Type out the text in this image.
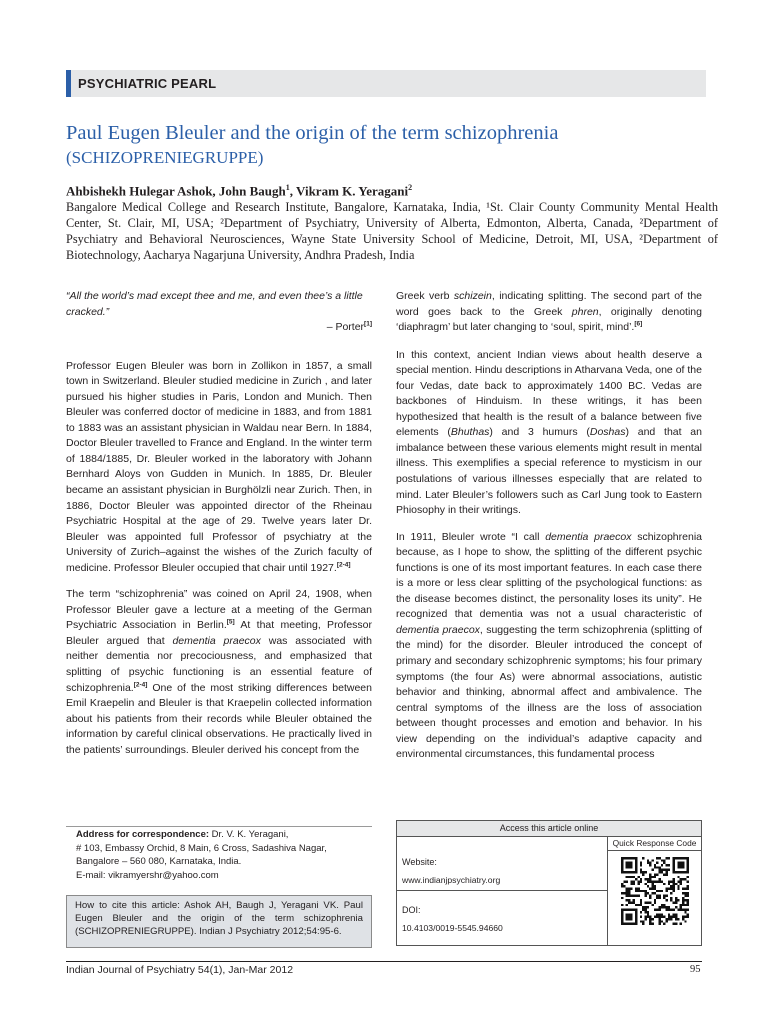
PSYCHIATRIC PEARL
Paul Eugen Bleuler and the origin of the term schizophrenia
(SCHIZOPRENIEGRUPPE)
Ahbishekh Hulegar Ashok, John Baugh$^1$, Vikram K. Yeragani$^2$
Bangalore Medical College and Research Institute, Bangalore, Karnataka, India, ¹St. Clair County Community Mental Health Center, St. Clair, MI, USA; ²Department of Psychiatry, University of Alberta, Edmonton, Alberta, Canada, ²Department of Psychiatry and Behavioral Neurosciences, Wayne State University School of Medicine, Detroit, MI, USA, ²Department of Biotechnology, Aacharya Nagarjuna University, Andhra Pradesh, India

“All the world’s mad except thee and me, and even thee’s a little cracked.”

– Porter[1]

Professor Eugen Bleuler was born in Zollikon in 1857, a small town in Switzerland. Bleuler studied medicine in Zurich , and later pursued his higher studies in Paris, London and Munich. Then Bleuler was conferred doctor of medicine in 1883, and from 1881 to 1883 was an assistant physician in Waldau near Bern. In 1884, Doctor Bleuler travelled to France and England. In the winter term of 1884/1885, Dr. Bleuler worked in the laboratory with Johann Bernhard Aloys von Gudden in Munich. In 1885, Dr. Bleuler became an assistant physician in Burghölzli near Zurich. Then, in 1886, Doctor Bleuler was appointed director of the Rheinau Psychiatric Hospital at the age of 29. Twelve years later Dr. Bleuler was appointed full Professor of psychiatry at the University of Zurich–against the wishes of the Zurich faculty of medicine. Professor Bleuler occupied that chair until 1927.[2-4]

The term “schizophrenia” was coined on April 24, 1908, when Professor Bleuler gave a lecture at a meeting of the German Psychiatric Association in Berlin.[5] At that meeting, Professor Bleuler argued that dementia praecox was associated with neither dementia nor precociousness, and emphasized that splitting of psychic functioning is an essential feature of schizophrenia.[2-4] One of the most striking differences between Emil Kraepelin and Bleuler is that Kraepelin collected information about his patients from their records while Bleuler obtained the information by careful clinical observations. He practically lived in the patients’ surroundings. Bleuler derived his concept from the

Greek verb schizein, indicating splitting. The second part of the word goes back to the Greek phren, originally denoting ‘diaphragm’ but later changing to ‘soul, spirit, mind’.[6]

In this context, ancient Indian views about health deserve a special mention. Hindu descriptions in Atharvana Veda, one of the four Vedas, date back to approximately 1400 BC. Vedas are backbones of Hinduism. In these writings, it has been hypothesized that health is the result of a balance between five elements (Bhuthas) and 3 humurs (Doshas) and that an imbalance between these various elements might result in mental illness. This exemplifies a special reference to mysticism in our postulations of various illnesses especially that are related to mind. Later Bleuler’s followers such as Carl Jung took to Eastern Phiosophy in their writings.

In 1911, Bleuler wrote “I call dementia praecox schizophrenia because, as I hope to show, the splitting of the different psychic functions is one of its most important features. In each case there is a more or less clear splitting of the psychological functions: as the disease becomes distinct, the personality loses its unity”. He recognized that dementia was not a usual characteristic of dementia praecox, suggesting the term schizophrenia (splitting of the mind) for the disorder. Bleuler introduced the concept of primary and secondary schizophrenic symptoms; his four primary symptoms (the four As) were abnormal associations, autistic behavior and thinking, abnormal affect and ambivalence. The central symptoms of the illness are the loss of association between thought processes and emotion and behavior. In his view depending on the individual’s adaptive capacity and environmental circumstances, this fundamental process

Address for correspondence: Dr. V. K. Yeragani,
# 103, Embassy Orchid, 8 Main, 6 Cross, Sadashiva Nagar,
Bangalore – 560 080, Karnataka, India.
E-mail: vikramyershr@yahoo.com
How to cite this article: Ashok AH, Baugh J, Yeragani VK. Paul Eugen Bleuler and the origin of the term schizophrenia (SCHIZOPRENIEGRUPPE). Indian J Psychiatry 2012;54:95-6.
Access this article online
Website:
www.indianjpsychiatry.org
DOI:
10.4103/0019-5545.94660
Quick Response Code
Indian Journal of Psychiatry 54(1), Jan-Mar 2012	95
